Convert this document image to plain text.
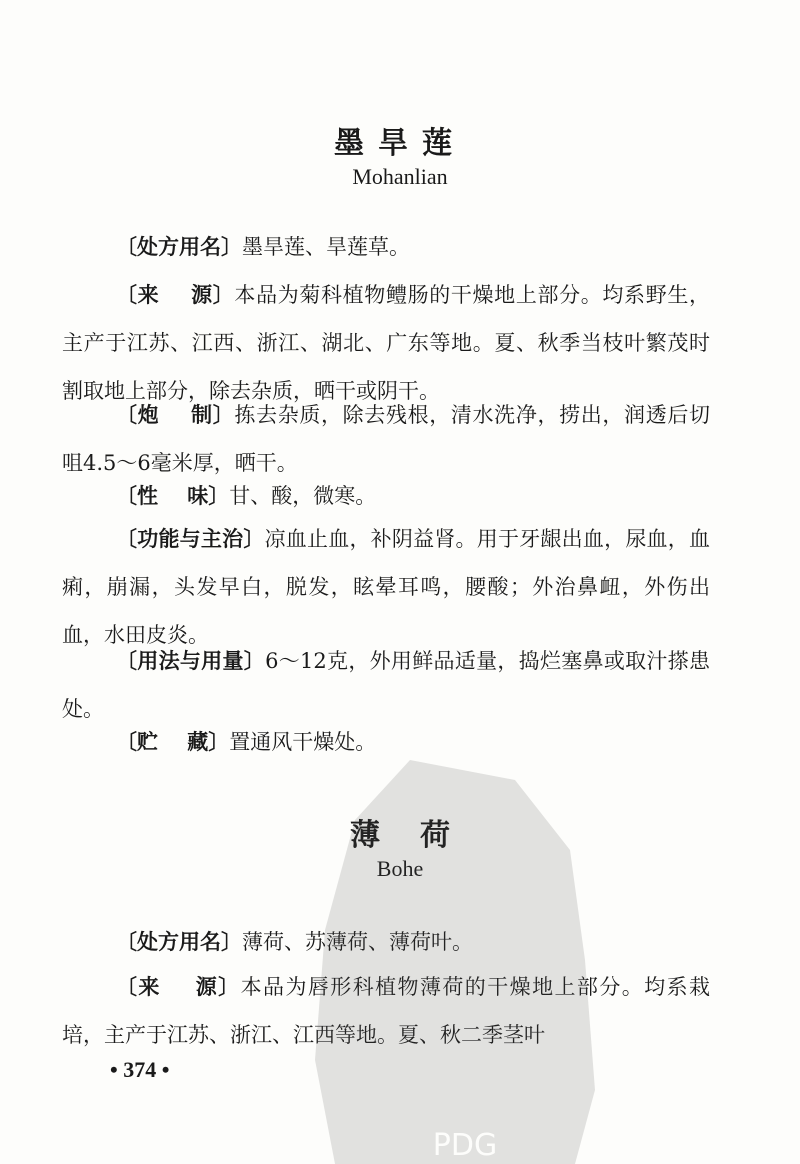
墨旱莲
Mohanlian
〔处方用名〕墨旱莲、旱莲草。
〔来    源〕本品为菊科植物鳢肠的干燥地上部分。均系野生，主产于江苏、江西、浙江、湖北、广东等地。夏、秋季当枝叶繁茂时割取地上部分，除去杂质，晒干或阴干。
〔炮    制〕拣去杂质，除去残根，清水洗净，捞出，润透后切咀4.5～6毫米厚，晒干。
〔性    味〕甘、酸，微寒。
〔功能与主治〕凉血止血，补阴益肾。用于牙龈出血，尿血，血痢，崩漏，头发早白，脱发，眩晕耳鸣，腰酸；外治鼻衄，外伤出血，水田皮炎。
〔用法与用量〕6～12克，外用鲜品适量，捣烂塞鼻或取汁搽患处。
〔贮    藏〕置通风干燥处。
薄荷
Bohe
〔处方用名〕薄荷、苏薄荷、薄荷叶。
〔来    源〕本品为唇形科植物薄荷的干燥地上部分。均系栽培，主产于江苏、浙江、江西等地。夏、秋二季茎叶
• 374 •
PDG
